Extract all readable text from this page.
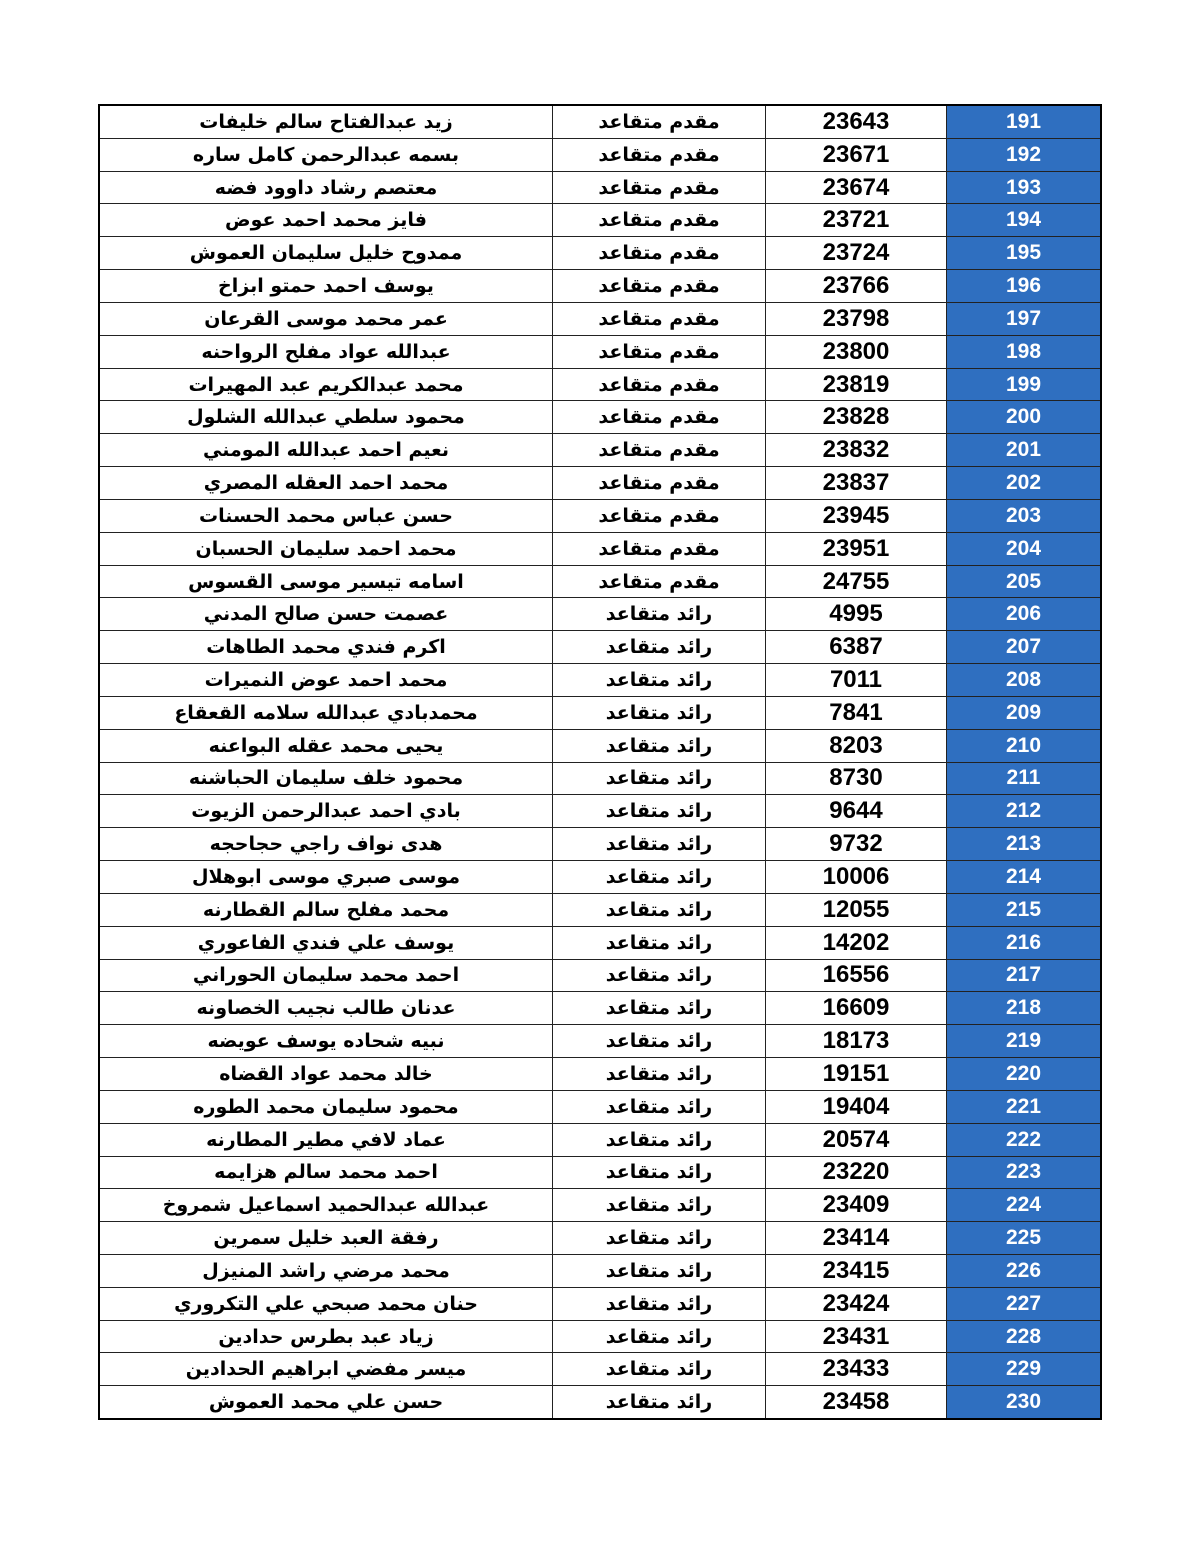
زيد عبدالفتاح سالم خليفات	مقدم متقاعد	23643	191
بسمه عبدالرحمن كامل ساره	مقدم متقاعد	23671	192
معتصم رشاد داوود فضه	مقدم متقاعد	23674	193
فايز محمد احمد عوض	مقدم متقاعد	23721	194
ممدوح خليل سليمان العموش	مقدم متقاعد	23724	195
يوسف احمد حمتو ابزاخ	مقدم متقاعد	23766	196
عمر محمد موسى القرعان	مقدم متقاعد	23798	197
عبدالله عواد مفلح الرواحنه	مقدم متقاعد	23800	198
محمد عبدالكريم عبد المهيرات	مقدم متقاعد	23819	199
محمود سلطي عبدالله الشلول	مقدم متقاعد	23828	200
نعيم احمد عبدالله المومني	مقدم متقاعد	23832	201
محمد احمد العقله المصري	مقدم متقاعد	23837	202
حسن عباس محمد الحسنات	مقدم متقاعد	23945	203
محمد احمد سليمان الحسبان	مقدم متقاعد	23951	204
اسامه تيسير موسى القسوس	مقدم متقاعد	24755	205
عصمت حسن صالح المدني	رائد متقاعد	4995	206
اكرم فندي محمد الطاهات	رائد متقاعد	6387	207
محمد احمد عوض النميرات	رائد متقاعد	7011	208
محمدبادي عبدالله سلامه القعقاع	رائد متقاعد	7841	209
يحيى محمد عقله البواعنه	رائد متقاعد	8203	210
محمود خلف سليمان الحباشنه	رائد متقاعد	8730	211
بادي احمد عبدالرحمن الزيوت	رائد متقاعد	9644	212
هدى نواف راجي حجاحجه	رائد متقاعد	9732	213
موسى صبري موسى ابوهلال	رائد متقاعد	10006	214
محمد مفلح سالم القطارنه	رائد متقاعد	12055	215
يوسف علي فندي الفاعوري	رائد متقاعد	14202	216
احمد محمد سليمان الحوراني	رائد متقاعد	16556	217
عدنان طالب نجيب الخصاونه	رائد متقاعد	16609	218
نبيه شحاده يوسف عويضه	رائد متقاعد	18173	219
خالد محمد عواد القضاه	رائد متقاعد	19151	220
محمود سليمان محمد الطوره	رائد متقاعد	19404	221
عماد لافي مطير المطارنه	رائد متقاعد	20574	222
احمد محمد سالم هزايمه	رائد متقاعد	23220	223
عبدالله عبدالحميد اسماعيل شمروخ	رائد متقاعد	23409	224
رفقة العبد خليل سمرين	رائد متقاعد	23414	225
محمد مرضي راشد المنيزل	رائد متقاعد	23415	226
حنان محمد صبحي علي التكروري	رائد متقاعد	23424	227
زياد عبد بطرس حدادين	رائد متقاعد	23431	228
ميسر مفضي ابراهيم الحدادين	رائد متقاعد	23433	229
حسن علي محمد العموش	رائد متقاعد	23458	230
